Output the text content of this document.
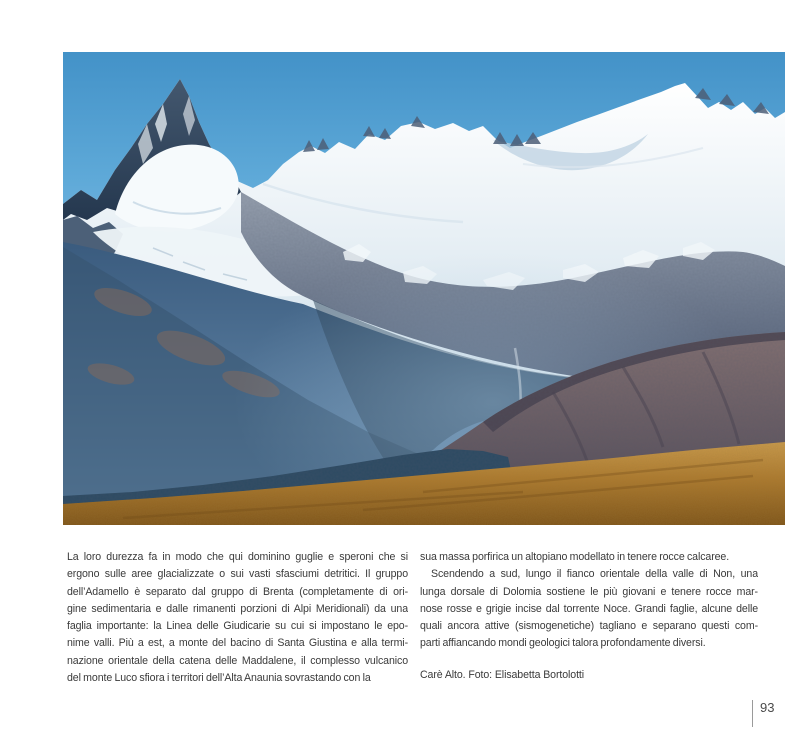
La loro durezza fa in modo che qui dominino guglie e speroni che si
ergono sulle aree glacializzate o sui vasti sfasciumi detritici. Il gruppo
dell’Adamello è separato dal gruppo di Brenta (completamente di ori-
gine sedimentaria e dalle rimanenti porzioni di Alpi Meridionali) da una
faglia importante: la Linea delle Giudicarie su cui si impostano le epo-
nime valli. Più a est, a monte del bacino di Santa Giustina e alla termi-
nazione orientale della catena delle Maddalene, il complesso vulcanico
del monte Luco sfiora i territori dell’Alta Anaunia sovrastando con la
sua massa porfirica un altopiano modellato in tenere rocce calcaree.
Scendendo a sud, lungo il fianco orientale della valle di Non, una
lunga dorsale di Dolomia sostiene le più giovani e tenere rocce mar-
nose rosse e grigie incise dal torrente Noce. Grandi faglie, alcune delle
quali ancora attive (sismogenetiche) tagliano e separano questi com-
parti affiancando mondi geologici talora profondamente diversi.
Carè Alto. Foto: Elisabetta Bortolotti
93
